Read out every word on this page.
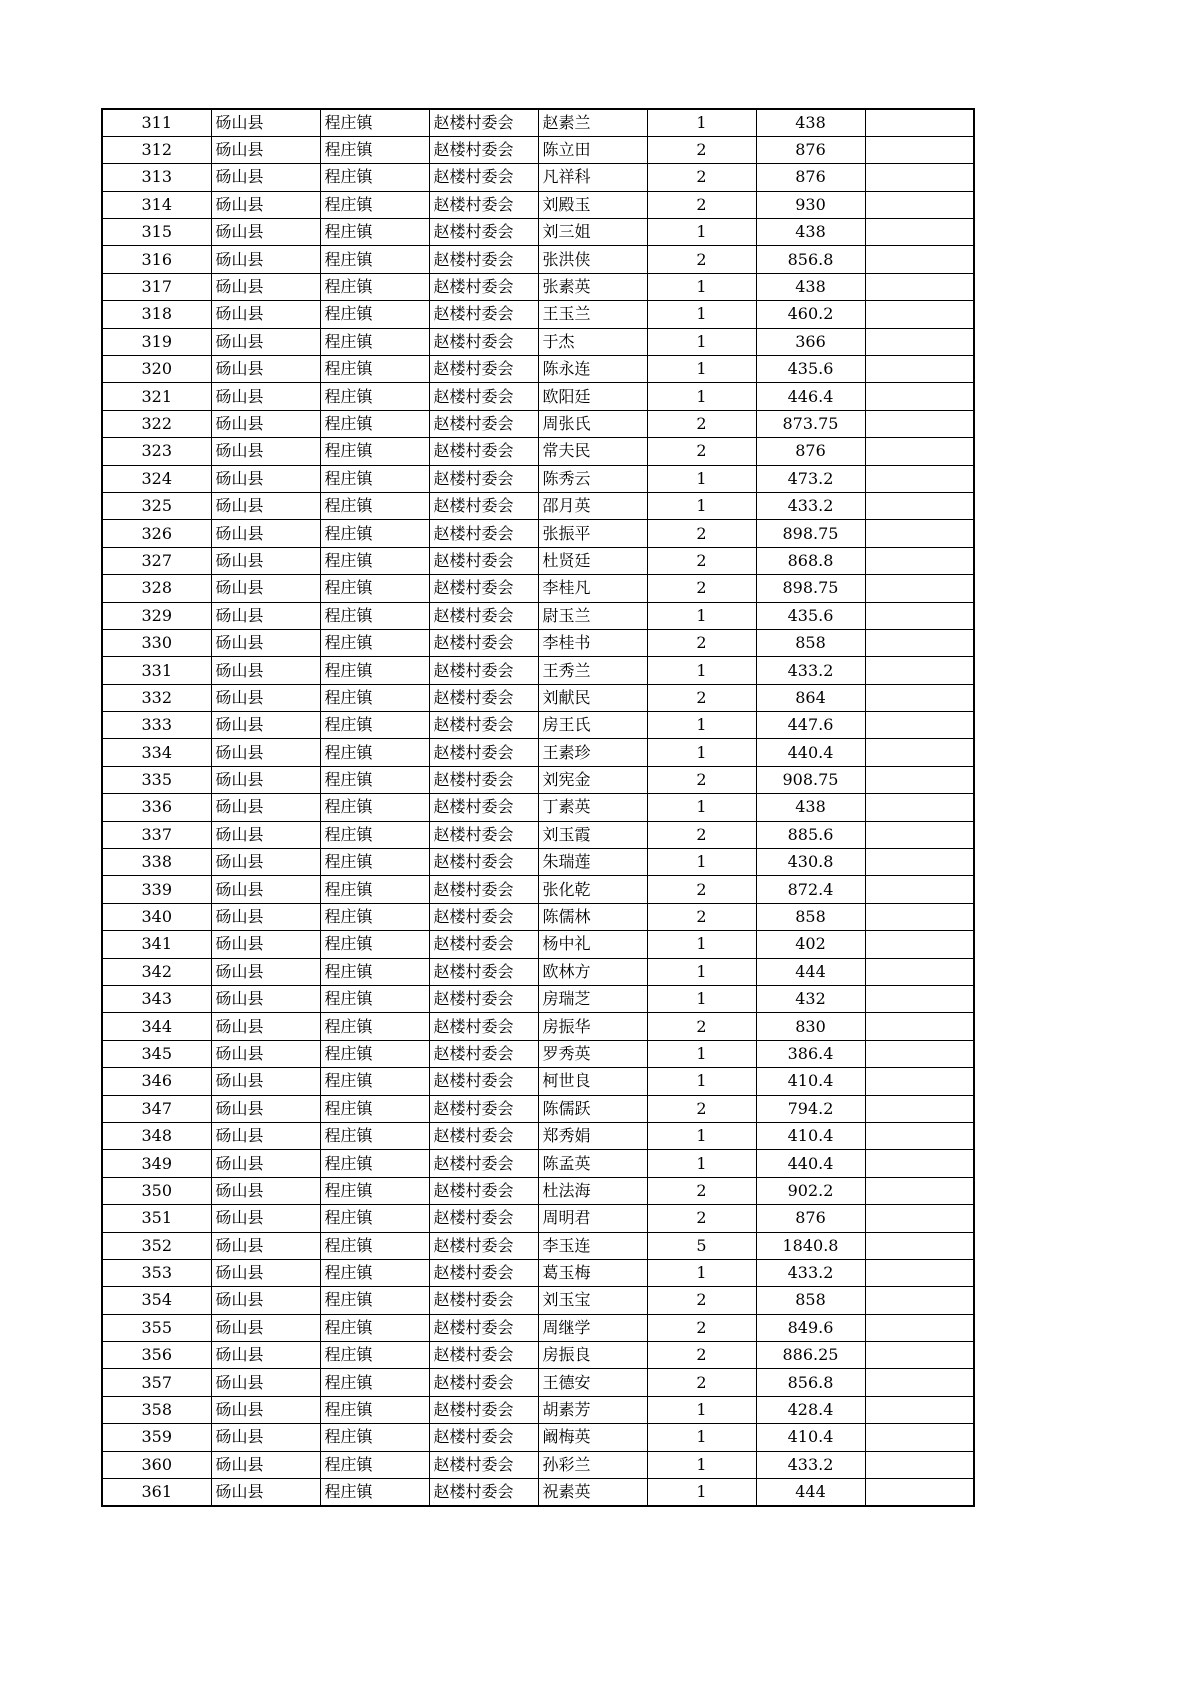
311	砀山县	程庄镇	赵楼村委会	赵素兰	1	438	
312	砀山县	程庄镇	赵楼村委会	陈立田	2	876	
313	砀山县	程庄镇	赵楼村委会	凡祥科	2	876	
314	砀山县	程庄镇	赵楼村委会	刘殿玉	2	930	
315	砀山县	程庄镇	赵楼村委会	刘三姐	1	438	
316	砀山县	程庄镇	赵楼村委会	张洪侠	2	856.8	
317	砀山县	程庄镇	赵楼村委会	张素英	1	438	
318	砀山县	程庄镇	赵楼村委会	王玉兰	1	460.2	
319	砀山县	程庄镇	赵楼村委会	于杰	1	366	
320	砀山县	程庄镇	赵楼村委会	陈永连	1	435.6	
321	砀山县	程庄镇	赵楼村委会	欧阳廷	1	446.4	
322	砀山县	程庄镇	赵楼村委会	周张氏	2	873.75	
323	砀山县	程庄镇	赵楼村委会	常夫民	2	876	
324	砀山县	程庄镇	赵楼村委会	陈秀云	1	473.2	
325	砀山县	程庄镇	赵楼村委会	邵月英	1	433.2	
326	砀山县	程庄镇	赵楼村委会	张振平	2	898.75	
327	砀山县	程庄镇	赵楼村委会	杜贤廷	2	868.8	
328	砀山县	程庄镇	赵楼村委会	李桂凡	2	898.75	
329	砀山县	程庄镇	赵楼村委会	尉玉兰	1	435.6	
330	砀山县	程庄镇	赵楼村委会	李桂书	2	858	
331	砀山县	程庄镇	赵楼村委会	王秀兰	1	433.2	
332	砀山县	程庄镇	赵楼村委会	刘献民	2	864	
333	砀山县	程庄镇	赵楼村委会	房王氏	1	447.6	
334	砀山县	程庄镇	赵楼村委会	王素珍	1	440.4	
335	砀山县	程庄镇	赵楼村委会	刘宪金	2	908.75	
336	砀山县	程庄镇	赵楼村委会	丁素英	1	438	
337	砀山县	程庄镇	赵楼村委会	刘玉霞	2	885.6	
338	砀山县	程庄镇	赵楼村委会	朱瑞莲	1	430.8	
339	砀山县	程庄镇	赵楼村委会	张化乾	2	872.4	
340	砀山县	程庄镇	赵楼村委会	陈儒林	2	858	
341	砀山县	程庄镇	赵楼村委会	杨中礼	1	402	
342	砀山县	程庄镇	赵楼村委会	欧林方	1	444	
343	砀山县	程庄镇	赵楼村委会	房瑞芝	1	432	
344	砀山县	程庄镇	赵楼村委会	房振华	2	830	
345	砀山县	程庄镇	赵楼村委会	罗秀英	1	386.4	
346	砀山县	程庄镇	赵楼村委会	柯世良	1	410.4	
347	砀山县	程庄镇	赵楼村委会	陈儒跃	2	794.2	
348	砀山县	程庄镇	赵楼村委会	郑秀娟	1	410.4	
349	砀山县	程庄镇	赵楼村委会	陈孟英	1	440.4	
350	砀山县	程庄镇	赵楼村委会	杜法海	2	902.2	
351	砀山县	程庄镇	赵楼村委会	周明君	2	876	
352	砀山县	程庄镇	赵楼村委会	李玉连	5	1840.8	
353	砀山县	程庄镇	赵楼村委会	葛玉梅	1	433.2	
354	砀山县	程庄镇	赵楼村委会	刘玉宝	2	858	
355	砀山县	程庄镇	赵楼村委会	周继学	2	849.6	
356	砀山县	程庄镇	赵楼村委会	房振良	2	886.25	
357	砀山县	程庄镇	赵楼村委会	王德安	2	856.8	
358	砀山县	程庄镇	赵楼村委会	胡素芳	1	428.4	
359	砀山县	程庄镇	赵楼村委会	阚梅英	1	410.4	
360	砀山县	程庄镇	赵楼村委会	孙彩兰	1	433.2	
361	砀山县	程庄镇	赵楼村委会	祝素英	1	444	
